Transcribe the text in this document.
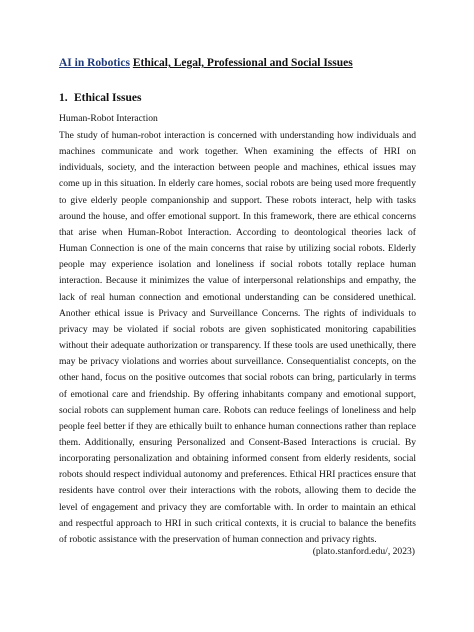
AI in Robotics Ethical, Legal, Professional and Social Issues
1. Ethical Issues

Human-Robot Interaction

The study of human-robot interaction is concerned with understanding how individuals and machines communicate and work together. When examining the effects of HRI on individuals, society, and the interaction between people and machines, ethical issues may come up in this situation. In elderly care homes, social robots are being used more frequently to give elderly people companionship and support. These robots interact, help with tasks around the house, and offer emotional support. In this framework, there are ethical concerns that arise when Human-Robot Interaction. According to deontological theories lack of Human Connection is one of the main concerns that raise by utilizing social robots. Elderly people may experience isolation and loneliness if social robots totally replace human interaction. Because it minimizes the value of interpersonal relationships and empathy, the lack of real human connection and emotional understanding can be considered unethical. Another ethical issue is Privacy and Surveillance Concerns. The rights of individuals to privacy may be violated if social robots are given sophisticated monitoring capabilities without their adequate authorization or transparency. If these tools are used unethically, there may be privacy violations and worries about surveillance. Consequentialist concepts, on the other hand, focus on the positive outcomes that social robots can bring, particularly in terms of emotional care and friendship. By offering inhabitants company and emotional support, social robots can supplement human care. Robots can reduce feelings of loneliness and help people feel better if they are ethically built to enhance human connections rather than replace them. Additionally, ensuring Personalized and Consent-Based Interactions is crucial. By incorporating personalization and obtaining informed consent from elderly residents, social robots should respect individual autonomy and preferences. Ethical HRI practices ensure that residents have control over their interactions with the robots, allowing them to decide the level of engagement and privacy they are comfortable with. In order to maintain an ethical and respectful approach to HRI in such critical contexts, it is crucial to balance the benefits of robotic assistance with the preservation of human connection and privacy rights.

(plato.stanford.edu/, 2023)
